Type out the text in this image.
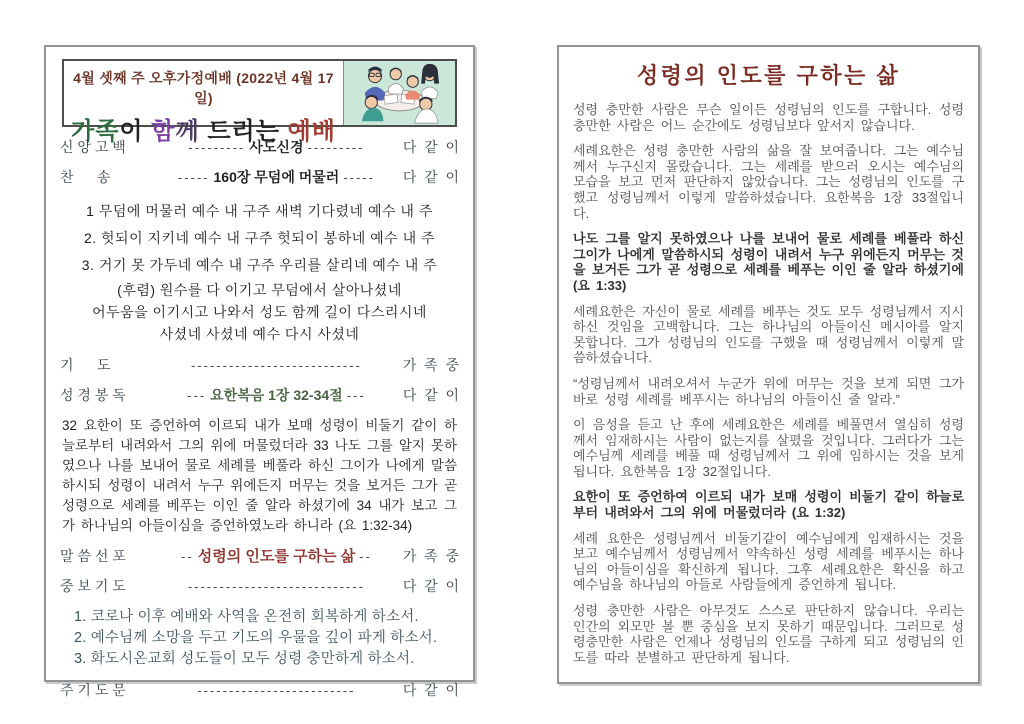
4월 셋째 주 오후가정예배 (2022년 4월 17일)
가족이 함께 드리는 예배
신 앙 고 백	--------- 사도신경 ---------	다  같  이
찬      송	----- 160장 무덤에 머물러 -----	다  같  이
1 무덤에 머물러 예수 내 구주 새벽 기다렸네 예수 내 주
2. 헛되이 지키네 예수 내 구주 헛되이 봉하네 예수 내 주
3. 거기 못 가두네 예수 내 구주 우리를 살리네 예수 내 주
(후렴) 원수를 다 이기고 무덤에서 살아나셨네
어두움을 이기시고 나와서 성도 함께 길이 다스리시네
사셨네 사셨네 예수 다시 사셨네
기      도	---------------------------	가  족  중
성 경 봉 독	--- 요한복음 1장 32-34절 ---	다  같  이
32 요한이 또 증언하여 이르되 내가 보매 성령이 비둘기 같이 하늘로부터 내려와서 그의 위에 머물렀더라 33 나도 그를 알지 못하였으나 나를 보내어 물로 세례를 베풀라 하신 그이가 나에게 말씀하시되 성령이 내려서 누구 위에든지 머무는 것을 보거든 그가 곧 성령으로 세례를 베푸는 이인 줄 알라 하셨기에 34 내가 보고 그가 하나님의 아들이심을 증언하였노라 하니라 (요 1:32-34)
말 씀 선 포	-- 성령의 인도를 구하는 삶 --	가  족  중
중 보 기 도	----------------------------	다  같  이
1. 코로나 이후 예배와 사역을 온전히 회복하게 하소서.
2. 예수님께 소망을 두고 기도의 우물을 깊이 파게 하소서.
3. 화도시온교회 성도들이 모두 성령 충만하게 하소서.
주 기 도 문	-------------------------	다  같  이
성령의 인도를 구하는 삶
성령 충만한 사람은 무슨 일이든 성령님의 인도를 구합니다. 성령 충만한 사람은 어느 순간에도 성령님보다 앞서지 않습니다.
세례요한은 성령 충만한 사람의 삶을 잘 보여줍니다. 그는 예수님께서 누구신지 몰랐습니다. 그는 세례를 받으러 오시는 예수님의 모습을 보고 먼저 판단하지 않았습니다. 그는 성령님의 인도를 구했고 성령님께서 이렇게 말씀하셨습니다. 요한복음 1장 33절입니다.
나도 그를 알지 못하였으나 나를 보내어 물로 세례를 베풀라 하신 그이가 나에게 말씀하시되 성령이 내려서 누구 위에든지 머무는 것을 보거든 그가 곧 성령으로 세례를 베푸는 이인 줄 알라 하셨기에 (요 1:33)
세례요한은 자신이 물로 세례를 베푸는 것도 모두 성령님께서 지시하신 것임을 고백합니다. 그는 하나님의 아들이신 메시아를 알지 못합니다. 그가 성령님의 인도를 구했을 때 성령님께서 이렇게 말씀하셨습니다.
“성령님께서 내려오셔서 누군가 위에 머무는 것을 보게 되면 그가 바로 성령 세례를 베푸시는 하나님의 아들이신 줄 알라.”
이 음성을 듣고 난 후에 세례요한은 세례를 베풀면서 열심히 성령께서 임재하시는 사람이 없는지를 살폈을 것입니다. 그러다가 그는 예수님께 세례를 베풀 때 성령님께서 그 위에 임하시는 것을 보게 됩니다. 요한복음 1장 32절입니다.
요한이 또 증언하여 이르되 내가 보매 성령이 비둘기 같이 하늘로부터 내려와서 그의 위에 머물렀더라 (요 1:32)
세례 요한은 성령님께서 비둘기같이 예수님에게 임재하시는 것을 보고 예수님께서 성령님께서 약속하신 성령 세례를 베푸시는 하나님의 아들이심을 확신하게 됩니다. 그후 세례요한은 확신을 하고 예수님을 하나님의 아들로 사람들에게 증언하게 됩니다.
성령 충만한 사람은 아무것도 스스로 판단하지 않습니다. 우리는 인간의 외모만 볼 뿐 중심을 보지 못하기 때문입니다. 그러므로 성령충만한 사람은 언제나 성령님의 인도를 구하게 되고 성령님의 인도를 따라 분별하고 판단하게 됩니다.
